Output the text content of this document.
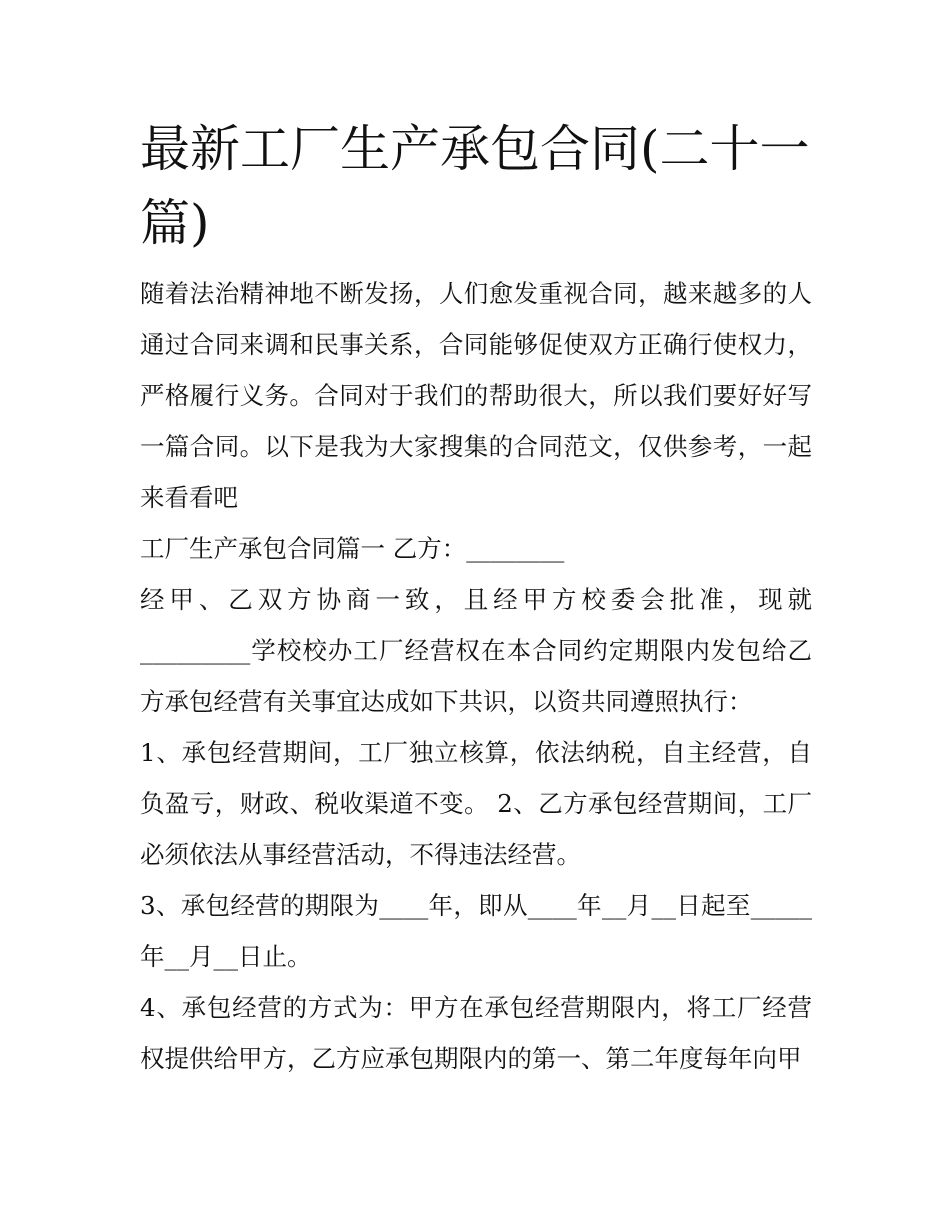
最新工厂生产承包合同(二十一篇)

随着法治精神地不断发扬，人们愈发重视合同，越来越多的人通过合同来调和民事关系，合同能够促使双方正确行使权力，严格履行义务。合同对于我们的帮助很大，所以我们要好好写一篇合同。以下是我为大家搜集的合同范文，仅供参考，一起来看看吧

工厂生产承包合同篇一 乙方：________

经甲、乙双方协商一致，且经甲方校委会批准，现就_________学校校办工厂经营权在本合同约定期限内发包给乙方承包经营有关事宜达成如下共识，以资共同遵照执行：

1、承包经营期间，工厂独立核算，依法纳税，自主经营，自负盈亏，财政、税收渠道不变。 2、乙方承包经营期间，工厂必须依法从事经营活动，不得违法经营。

3、承包经营的期限为____年，即从____年__月__日起至_____年__月__日止。

4、承包经营的方式为：甲方在承包经营期限内，将工厂经营权提供给甲方，乙方应承包期限内的第一、第二年度每年向甲
